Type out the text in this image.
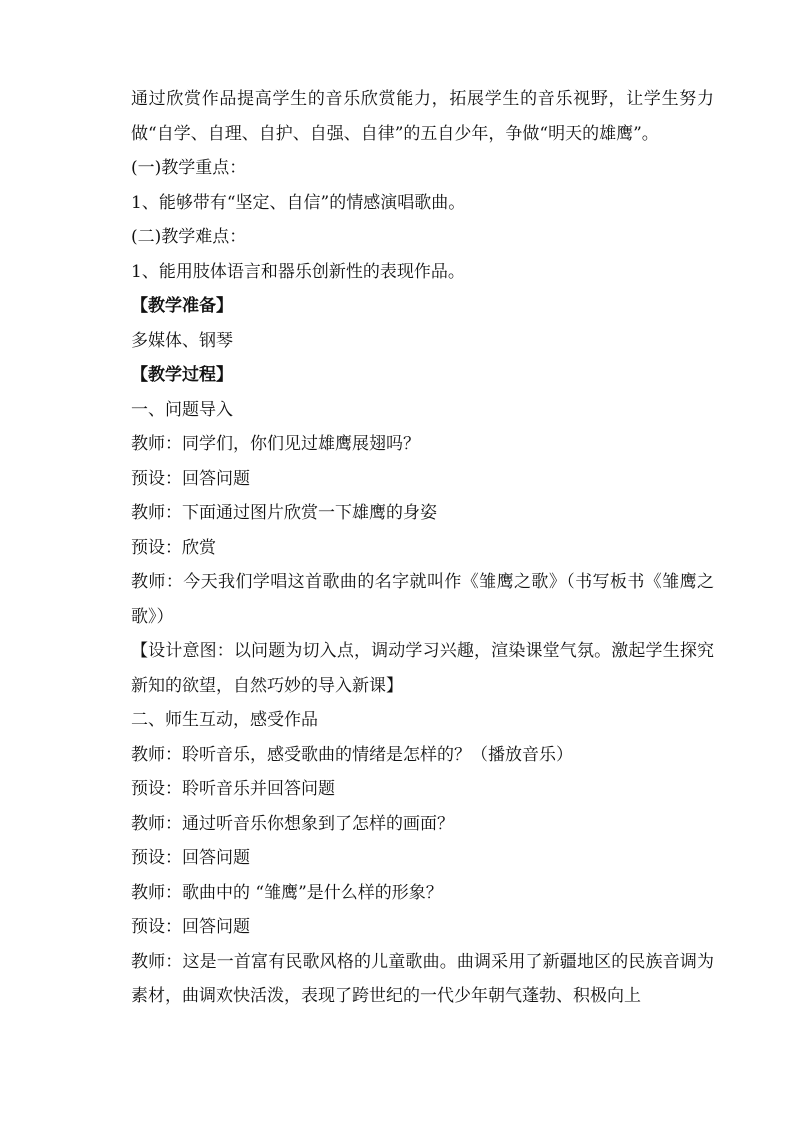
通过欣赏作品提高学生的音乐欣赏能力，拓展学生的音乐视野，让学生努力做“自学、自理、自护、自强、自律”的五自少年，争做“明天的雄鹰”。

(一)教学重点：

1、能够带有“坚定、自信”的情感演唱歌曲。

(二)教学难点：

1、能用肢体语言和器乐创新性的表现作品。

【教学准备】

多媒体、钢琴

【教学过程】

一、问题导入

教师：同学们，你们见过雄鹰展翅吗？

预设：回答问题

教师：下面通过图片欣赏一下雄鹰的身姿

预设：欣赏

教师：今天我们学唱这首歌曲的名字就叫作《雏鹰之歌》（书写板书《雏鹰之歌》）

【设计意图：以问题为切入点，调动学习兴趣，渲染课堂气氛。激起学生探究新知的欲望，自然巧妙的导入新课】

二、师生互动，感受作品

教师：聆听音乐，感受歌曲的情绪是怎样的？（播放音乐）

预设：聆听音乐并回答问题

教师：通过听音乐你想象到了怎样的画面？

预设：回答问题

教师：歌曲中的 “雏鹰”是什么样的形象？

预设：回答问题

教师：这是一首富有民歌风格的儿童歌曲。曲调采用了新疆地区的民族音调为素材，曲调欢快活泼，表现了跨世纪的一代少年朝气蓬勃、积极向上
